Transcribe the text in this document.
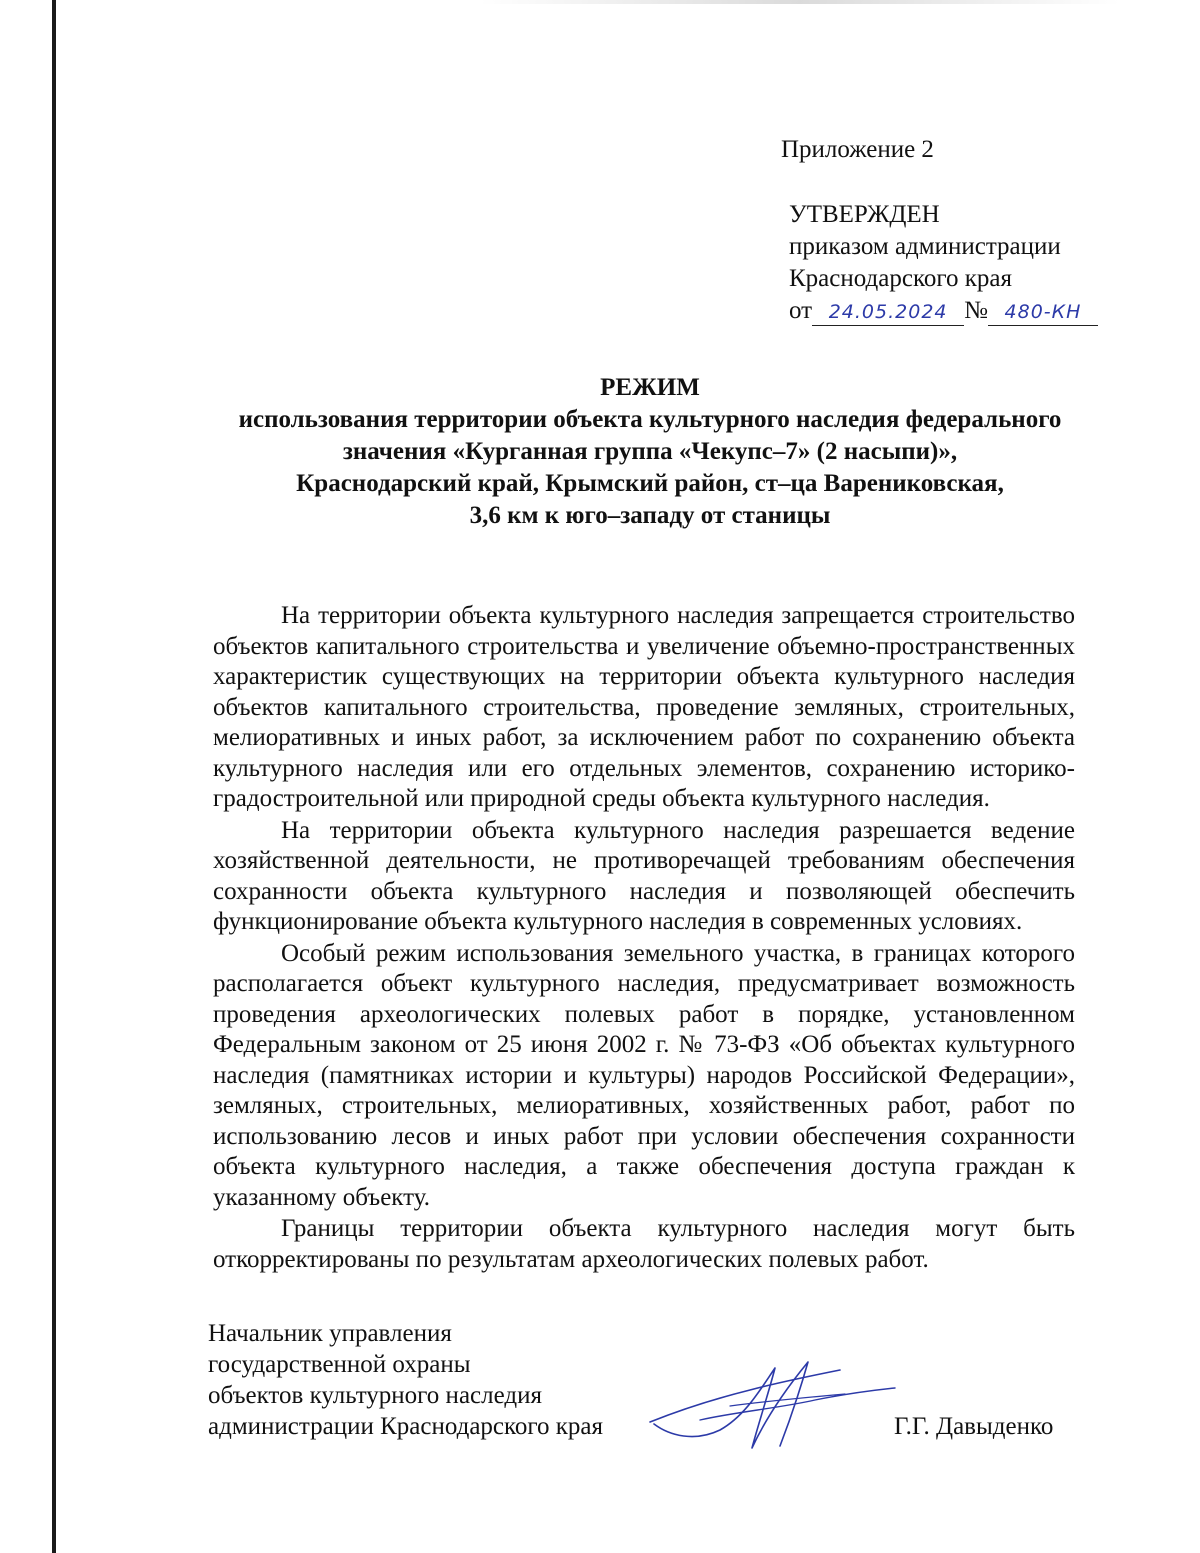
Приложение 2
УТВЕРЖДЕН
приказом администрации
Краснодарского края
от 24.05.2024 № 480-КН
РЕЖИМ
использования территории объекта культурного наследия федерального
значения «Курганная группа «Чекупс–7» (2 насыпи)»,
Краснодарский край, Крымский район, ст–ца Варениковская,
3,6 км к юго–западу от станицы

На территории объекта культурного наследия запрещается строительство объектов капитального строительства и увеличение объемно-пространственных характеристик существующих на территории объекта культурного наследия объектов капитального строительства, проведение земляных, строительных, мелиоративных и иных работ, за исключением работ по сохранению объекта культурного наследия или его отдельных элементов, сохранению историко-градостроительной или природной среды объекта культурного наследия.

На территории объекта культурного наследия разрешается ведение хозяйственной деятельности, не противоречащей требованиям обеспечения сохранности объекта культурного наследия и позволяющей обеспечить функционирование объекта культурного наследия в современных условиях.

Особый режим использования земельного участка, в границах которого располагается объект культурного наследия, предусматривает возможность проведения археологических полевых работ в порядке, установленном Федеральным законом от 25 июня 2002 г. № 73-ФЗ «Об объектах культурного наследия (памятниках истории и культуры) народов Российской Федерации», земляных, строительных, мелиоративных, хозяйственных работ, работ по использованию лесов и иных работ при условии обеспечения сохранности объекта культурного наследия, а также обеспечения доступа граждан к указанному объекту.

Границы территории объекта культурного наследия могут быть откорректированы по результатам археологических полевых работ.

Начальник управления
государственной охраны
объектов культурного наследия
администрации Краснодарского края	Г.Г. Давыденко
